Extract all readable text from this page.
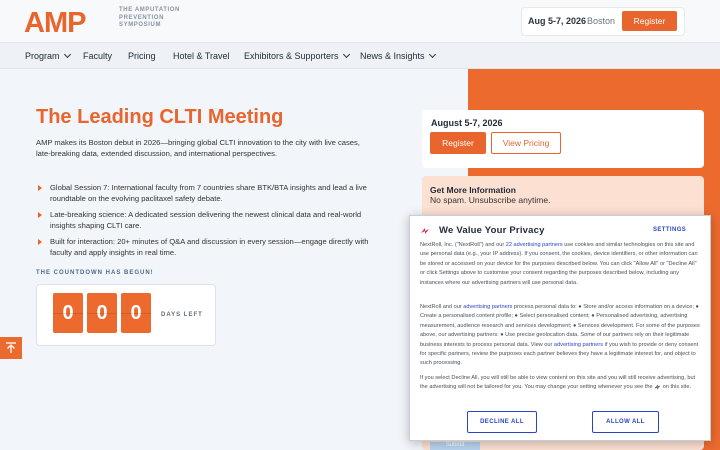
AMP	THE AMPUTATION
PREVENTION
SYMPOSIUM	Aug 5-7, 2026 Boston	Register
Program	Faculty Pricing Hotel & Travel Exhibitors & Supporters	News & Insights
The Leading CLTI Meeting
AMP makes its Boston debut in 2026—bringing global CLTI innovation to the city with live cases, late-breaking data, extended discussion, and international perspectives.
Global Session 7: International faculty from 7 countries share BTK/BTA insights and lead a live roundtable on the evolving paclitaxel safety debate.
Late-breaking science: A dedicated session delivering the newest clinical data and real-world insights shaping CLTI care.
Built for interaction: 20+ minutes of Q&A and discussion in every session—engage directly with faculty and apply insights in real time.
THE COUNTDOWN HAS BEGUN!
0	0	0	DAYS LEFT
August 5-7, 2026
Register	View Pricing
Get More Information
No spam. Unsubscribe anytime.
Submit
We Value Your Privacy	SETTINGS
NextRoll, Inc. ("NextRoll") and our 22 advertising partners use cookies and similar technologies on this site and use personal data (e.g., your IP address). If you consent, the cookies, device identifiers, or other information can be stored or accessed on your device for the purposes described below. You can click "Allow All" or "Decline All" or click Settings above to customise your consent regarding the purposes described below, including any instances where our advertising partners will use personal data.
NextRoll and our advertising partners process personal data to: ● Store and/or access information on a device; ● Create a personalised content profile; ● Select personalised content; ● Personalised advertising, advertising measurement, audience research and services development; ● Services development. For some of the purposes above, our advertising partners: ● Use precise geolocation data. Some of our partners rely on their legitimate business interests to process personal data. View our advertising partners if you wish to provide or deny consent for specific partners, review the purposes each partner believes they have a legitimate interest for, and object to such processing.
If you select Decline All, you will still be able to view content on this site and you will still receive advertising, but the advertising will not be tailored for you. You may change your setting whenever you see the  on this site.
DECLINE ALL	ALLOW ALL
